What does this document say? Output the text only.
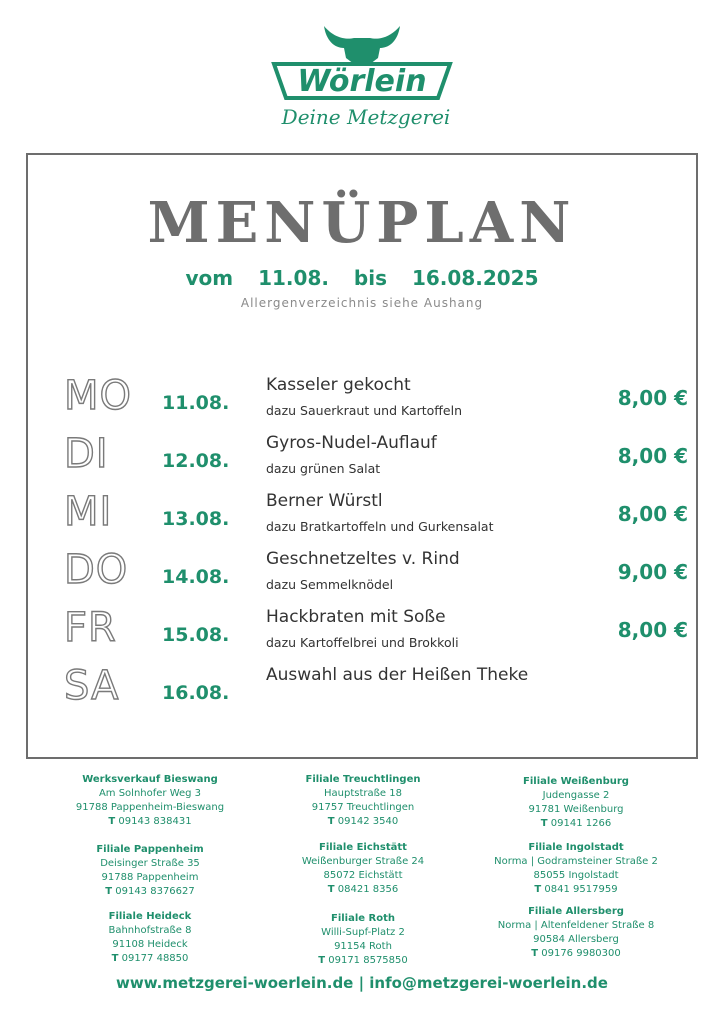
Wörlein
Deine Metzgerei
MENÜPLAN
vom 11.08. bis 16.08.2025
Allergenverzeichnis siehe Aushang
MO 11.08.
Kasseler gekocht
dazu Sauerkraut und Kartoffeln
8,00 €
DI	12.08.
Gyros-Nudel-Auflauf
dazu grünen Salat
8,00 €
MI	13.08.
Berner Würstl
dazu Bratkartoffeln und Gurkensalat
8,00 €
DO 14.08.
Geschnetzeltes v. Rind
dazu Semmelknödel
9,00 €
FR 15.08.
Hackbraten mit Soße
dazu Kartoffelbrei und Brokkoli
8,00 €
SA 16.08.
Auswahl aus der Heißen Theke
Werksverkauf Bieswang
Am Solnhofer Weg 3
91788 Pappenheim-Bieswang
T 09143 838431
Filiale Treuchtlingen
Hauptstraße 18
91757 Treuchtlingen
T 09142 3540
Filiale Weißenburg
Judengasse 2
91781 Weißenburg
T 09141 1266
Filiale Pappenheim
Deisinger Straße 35
91788 Pappenheim
T 09143 8376627
Filiale Eichstätt
Weißenburger Straße 24
85072 Eichstätt
T 08421 8356
Filiale Ingolstadt
Norma | Godramsteiner Straße 2
85055 Ingolstadt
T 0841 9517959
Filiale Heideck
Bahnhofstraße 8
91108 Heideck
T 09177 48850
Filiale Roth
Willi-Supf-Platz 2
91154 Roth
T 09171 8575850
Filiale Allersberg
Norma | Altenfeldener Straße 8
90584 Allersberg
T 09176 9980300
www.metzgerei-woerlein.de | info@metzgerei-woerlein.de
